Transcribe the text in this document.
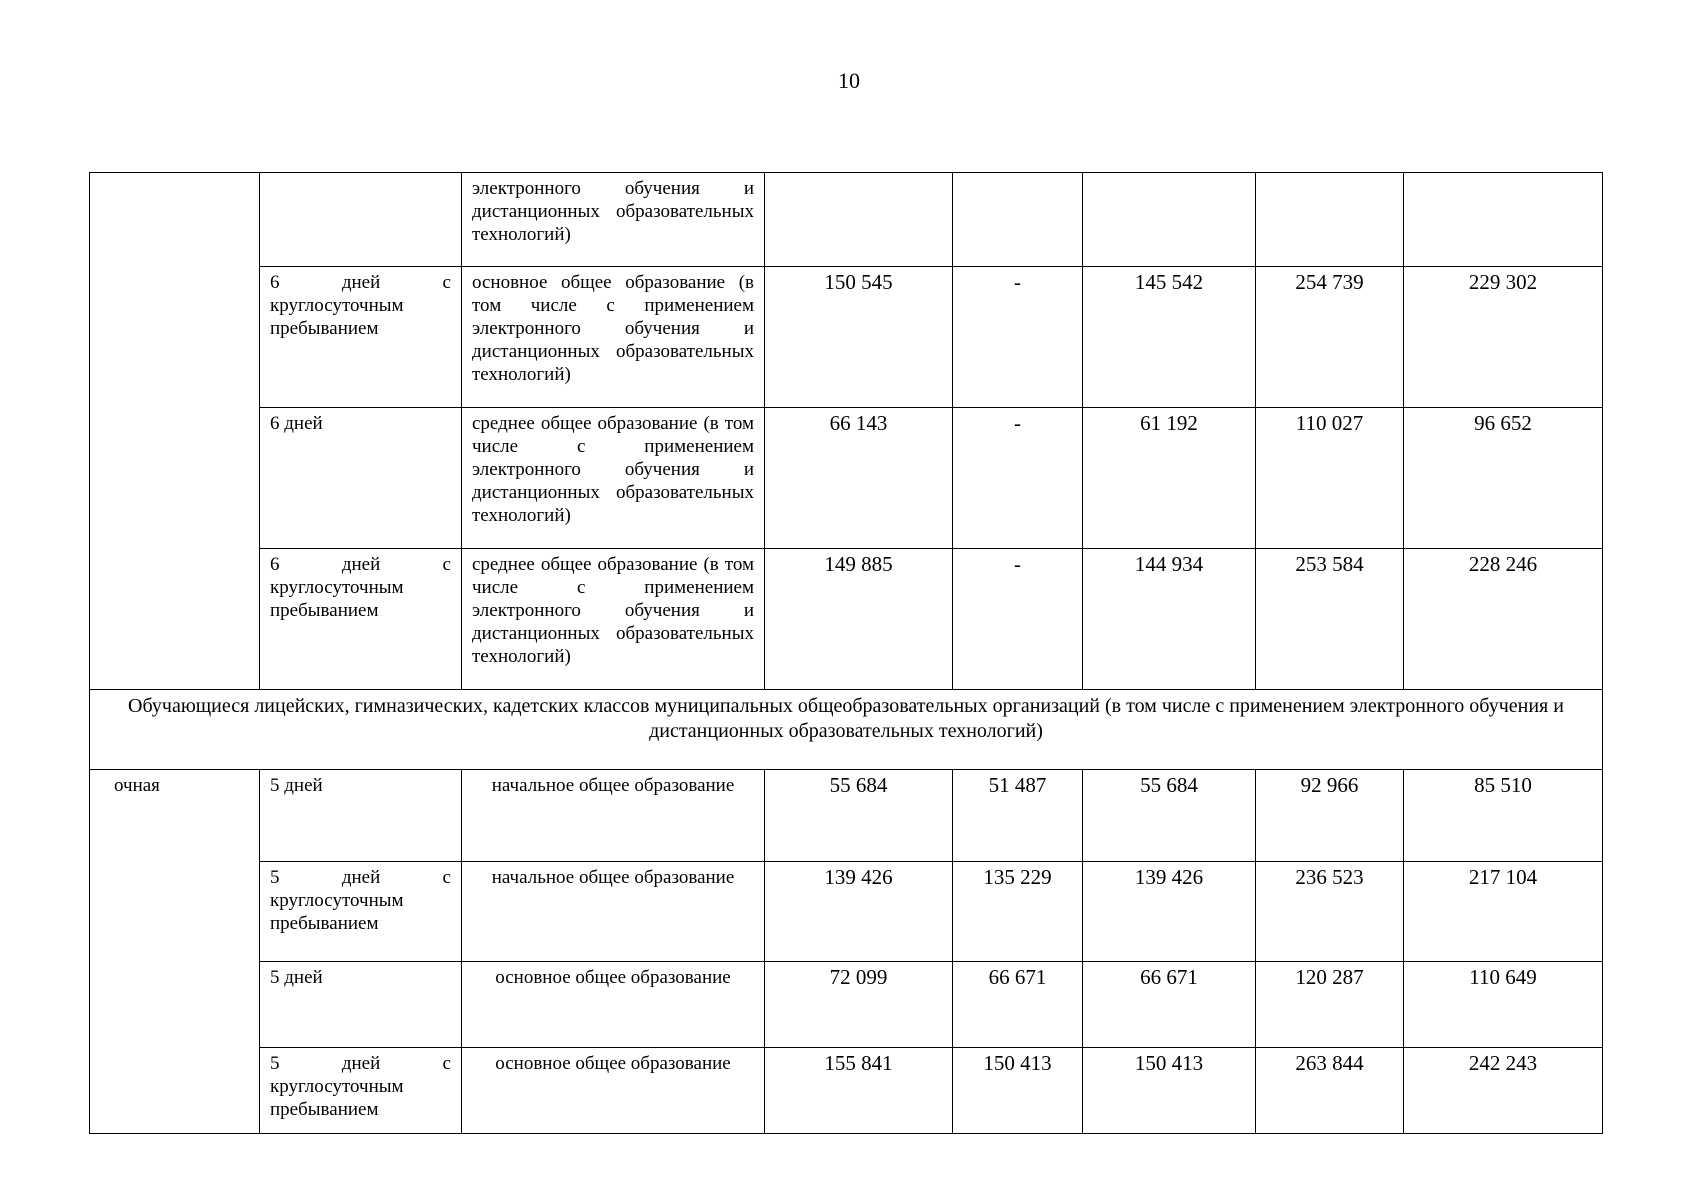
10

		электронного обучения и дистанционных образовательных технологий)					

	6 дней с круглосуточным пребыванием	основное общее образование (в том числе с применением электронного обучения и дистанционных образовательных технологий)	150 545	-	145 542	254 739	229 302

	6 дней	среднее общее образование (в том числе с применением электронного обучения и дистанционных образовательных технологий)	66 143	-	61 192	110 027	96 652

	6 дней с круглосуточным пребыванием	среднее общее образование (в том числе с применением электронного обучения и дистанционных образовательных технологий)	149 885	-	144 934	253 584	228 246
Обучающиеся лицейских, гимназических, кадетских классов муниципальных общеобразовательных организаций (в том числе с применением электронного обучения и дистанционных образовательных технологий)							
очная	5 дней	начальное общее образование	55 684	51 487	55 684	92 966	85 510

	5 дней с круглосуточным пребыванием	начальное общее образование	139 426	135 229	139 426	236 523	217 104

	5 дней	основное общее образование	72 099	66 671	66 671	120 287	110 649

	5 дней с круглосуточным пребыванием	основное общее образование	155 841	150 413	150 413	263 844	242 243
